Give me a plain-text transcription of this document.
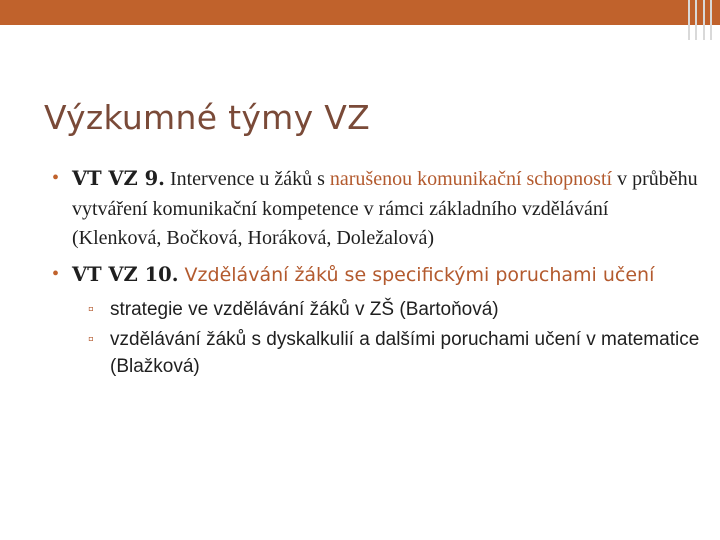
Výzkumné týmy VZ

• VT VZ 9. Intervence u žáků s narušenou komunikační schopností v průběhu vytváření komunikační kompetence v rámci základního vzdělávání (Klenková, Bočková, Horáková, Doležalová)

• VT VZ 10. Vzdělávání žáků se specifickými poruchami učení

▫ strategie ve vzdělávání žáků v ZŠ (Bartoňová)

▫ vzdělávání žáků s dyskalkulií a dalšími poruchami učení v matematice (Blažková)
